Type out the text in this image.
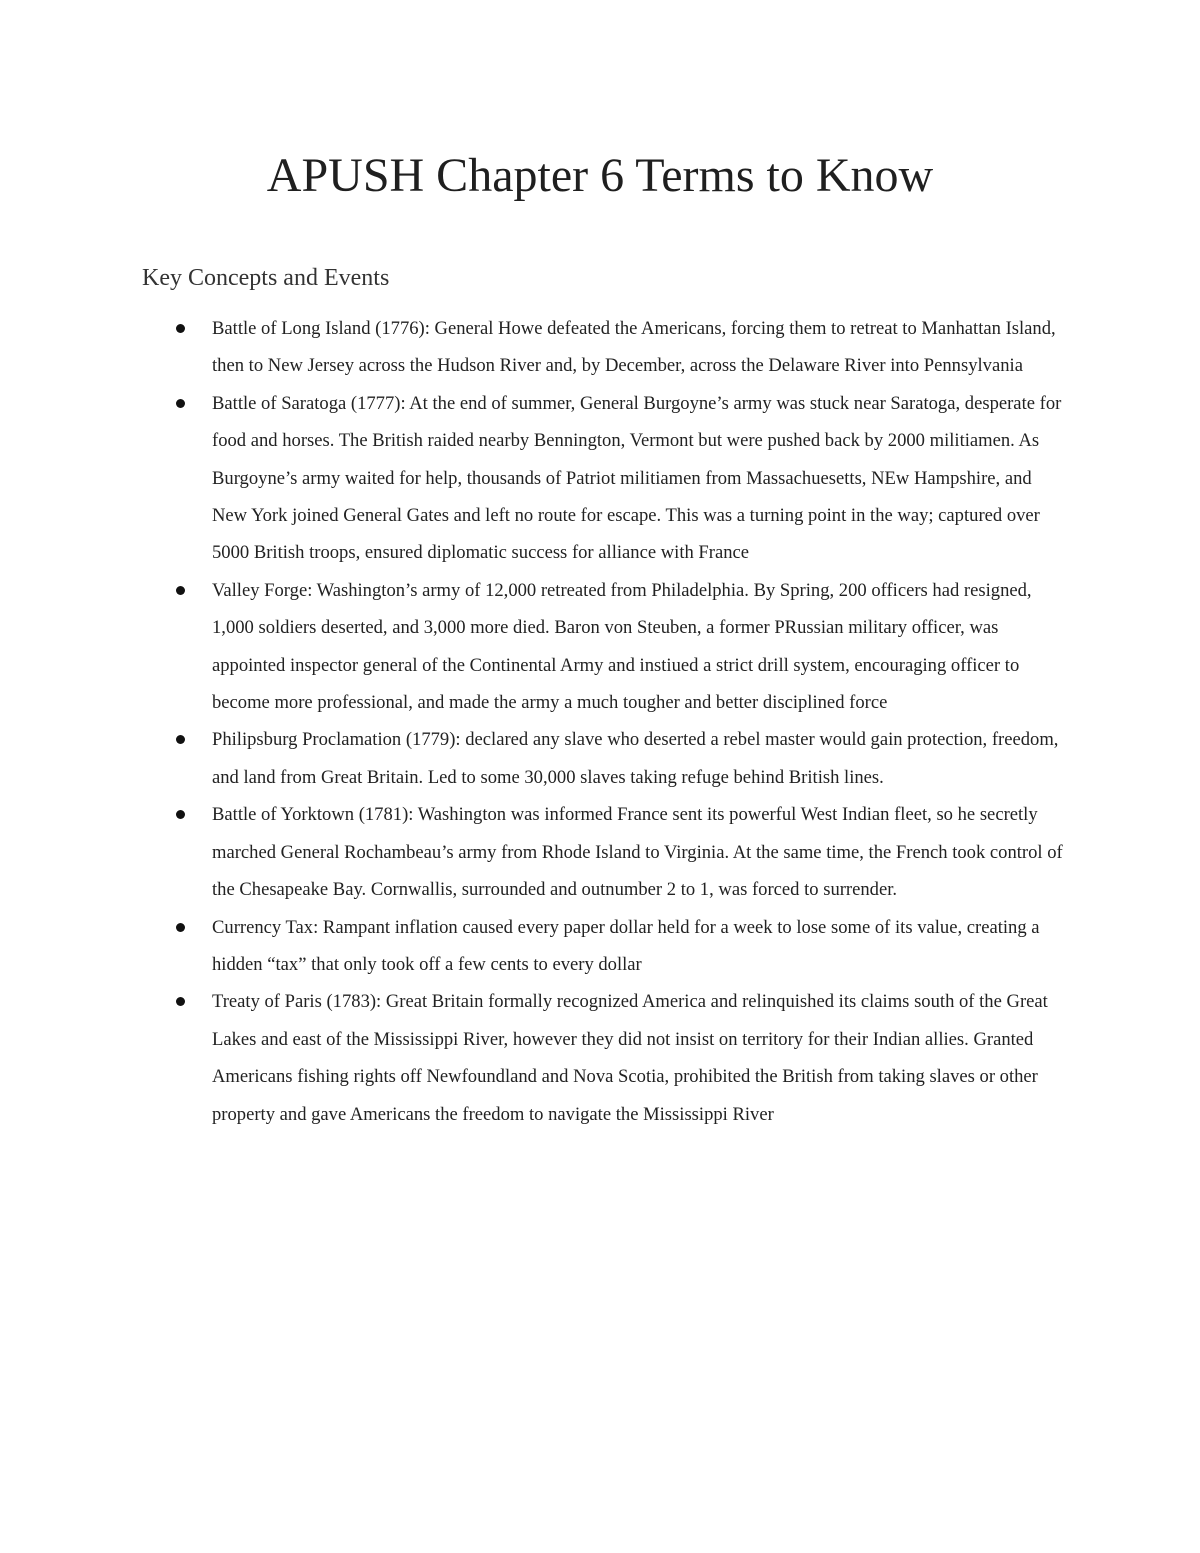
APUSH Chapter 6 Terms to Know
Key Concepts and Events
Battle of Long Island (1776): General Howe defeated the Americans, forcing them to retreat to Manhattan Island, then to New Jersey across the Hudson River and, by December, across the Delaware River into Pennsylvania
Battle of Saratoga (1777): At the end of summer, General Burgoyne’s army was stuck near Saratoga, desperate for food and horses. The British raided nearby Bennington, Vermont but were pushed back by 2000 militiamen. As Burgoyne’s army waited for help, thousands of Patriot militiamen from Massachuesetts, NEw Hampshire, and New York joined General Gates and left no route for escape. This was a turning point in the way; captured over 5000 British troops, ensured diplomatic success for alliance with France
Valley Forge: Washington’s army of 12,000 retreated from Philadelphia. By Spring, 200 officers had resigned, 1,000 soldiers deserted, and 3,000 more died. Baron von Steuben, a former PRussian military officer, was appointed inspector general of the Continental Army and instiued a strict drill system, encouraging officer to become more professional, and made the army a much tougher and better disciplined force
Philipsburg Proclamation (1779): declared any slave who deserted a rebel master would gain protection, freedom, and land from Great Britain. Led to some 30,000 slaves taking refuge behind British lines.
Battle of Yorktown (1781): Washington was informed France sent its powerful West Indian fleet, so he secretly marched General Rochambeau’s army from Rhode Island to Virginia. At the same time, the French took control of the Chesapeake Bay. Cornwallis, surrounded and outnumber 2 to 1, was forced to surrender.
Currency Tax: Rampant inflation caused every paper dollar held for a week to lose some of its value, creating a hidden “tax” that only took off a few cents to every dollar
Treaty of Paris (1783): Great Britain formally recognized America and relinquished its claims south of the Great Lakes and east of the Mississippi River, however they did not insist on territory for their Indian allies. Granted Americans fishing rights off Newfoundland and Nova Scotia, prohibited the British from taking slaves or other property and gave Americans the freedom to navigate the Mississippi River
